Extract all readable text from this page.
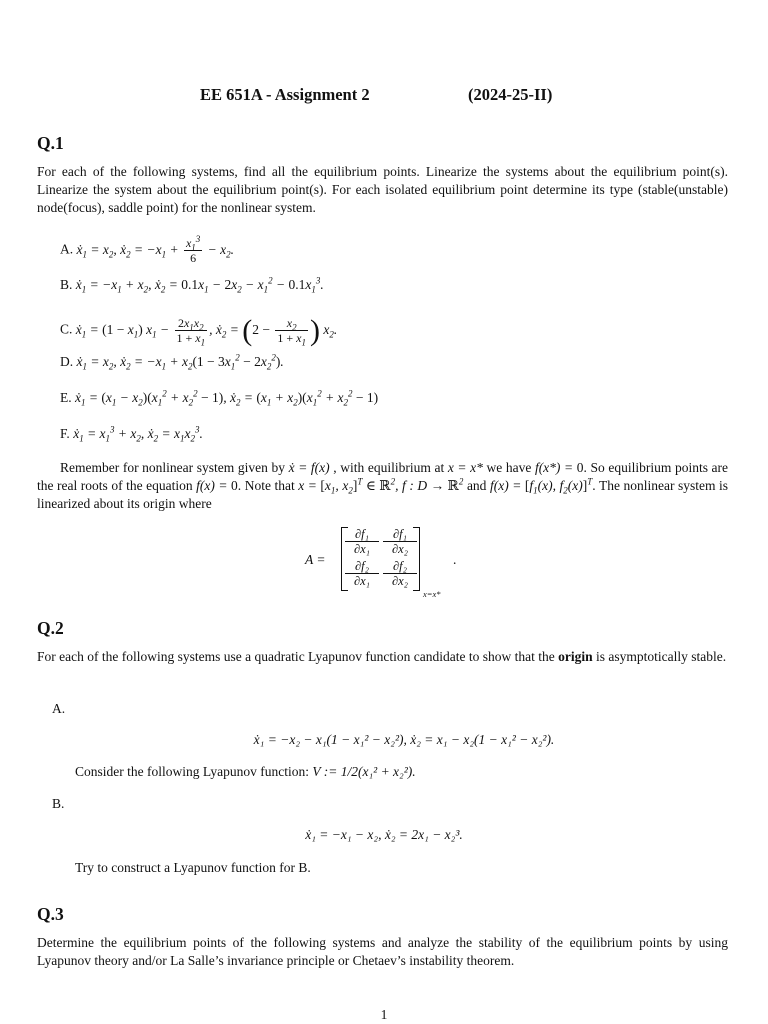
EE 651A - Assignment 2	(2024-25-II)
Q.1
For each of the following systems, find all the equilibrium points. Linearize the systems about the equilibrium point(s). Linearize the system about the equilibrium point(s). For each isolated equilibrium point determine its type (stable(unstable) node(focus), saddle point) for the nonlinear system.
A. ẋ$_1$ = $x_2$, ẋ$_2$ = $-x_1 + \frac{x_1^3}{6} - x_2$.
B. ẋ$_1$ = $-x_1 + x_2$, ẋ$_2$ = $0.1x_1 - 2x_2 - x_1^2 - 0.1x_1^3$.
C. ẋ$_1$ = $(1 - x_1)$ $x_1 - \frac{2x_1x_2}{1 + x_1}$ , ẋ$_2$ = ($2 - \frac{x_2}{1 + x_1}$ ) $x_2$.
D. ẋ$_1$ = $x_2$, ẋ$_2$ = $-x_1 + x_2(1 - 3x_1^2 - 2x_2^2)$.
E. ẋ$_1$ = $(x_1 - x_2)(x_1^2 + x_2^2 - 1)$, ẋ$_2$ = $(x_1 + x_2)(x_1^2 + x_2^2 - 1)$
F. ẋ$_1$ = $x_1^3 + x_2$, ẋ$_2$ = $x_1x_2^3$.
Remember for nonlinear system given by ẋ = f(x) , with equilibrium at x = x* we have f(x*) = 0. So equilibrium points are the real roots of the equation f(x) = 0. Note that $x = [x_1$, $x_2]^T$ ∈ ℝ$^2$, f : D → ℝ$^2$ and $f(x) = [f_1(x)$, $f_2(x)]^T$. The nonlinear system is linearized about its origin where
A =
$\frac{\text{∂f₁}}{\text{∂x₁}} \frac{\text{∂f₁}}{\text{∂x₂}}$
$\frac{\text{∂f₂}}{\text{∂x₁}} \frac{\text{∂f₂}}{\text{∂x₂}}$
x=x*
.
Q.2
For each of the following systems use a quadratic Lyapunov function candidate to show that the origin is asymptotically stable.
A.
ẋ₁ = −x₂ − x₁(1 − x₁² − x₂²), ẋ₂ = x₁ − x₂(1 − x₁² − x₂²).
Consider the following Lyapunov function: V := 1/2(x₁² + x₂²).
B.
ẋ₁ = −x₁ − x₂, ẋ₂ = 2x₁ − x₂³.
Try to construct a Lyapunov function for B.
Q.3
Determine the equilibrium points of the following systems and analyze the stability of the equilibrium points by using Lyapunov theory and/or La Salle’s invariance principle or Chetaev’s instability theorem.
1
